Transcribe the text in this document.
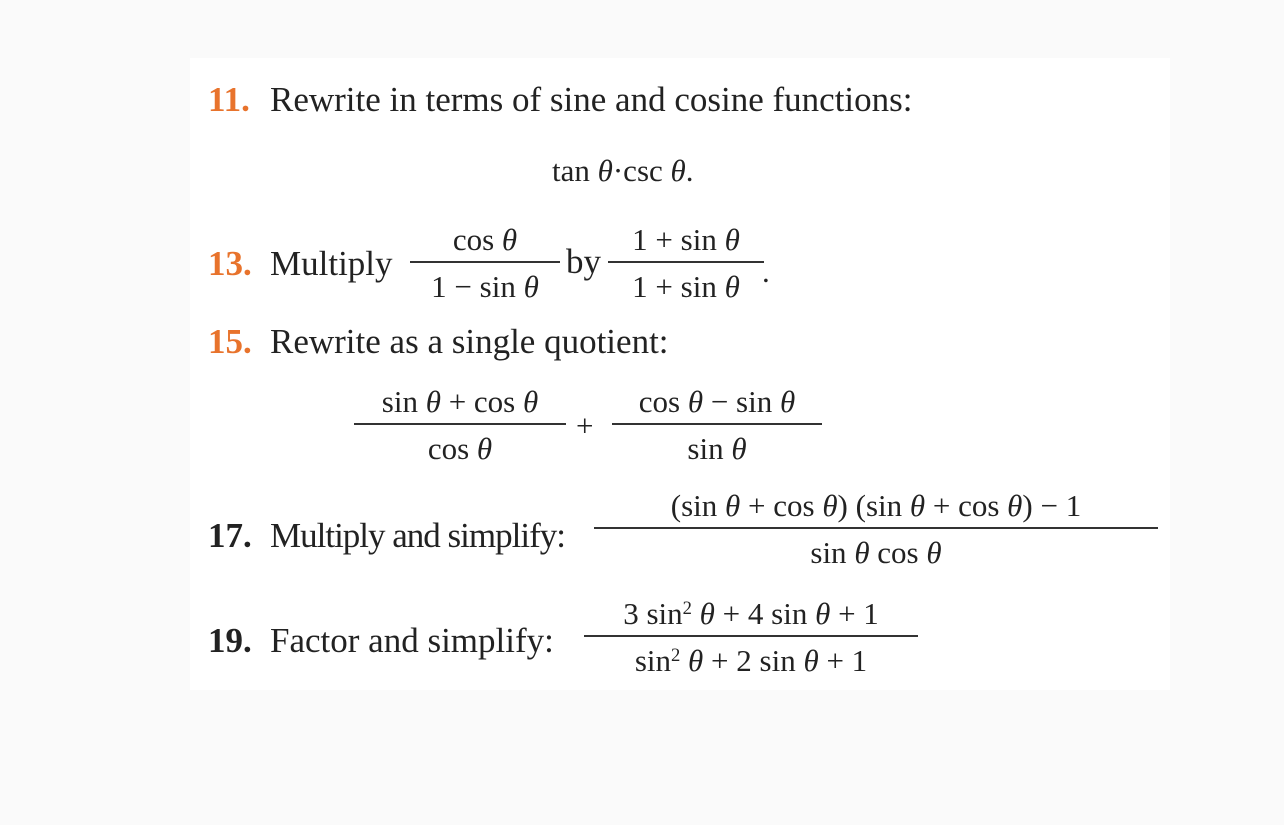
11. Rewrite in terms of sine and cosine functions:
tan θ·csc θ.
13. Multiply
cos θ
1 − sin θ
by
1 + sin θ
1 + sin θ .
15. Rewrite as a single quotient:
sin θ + cos θ
cos θ
+
cos θ − sin θ
sin θ
17. Multiply and simplify:
(sin θ + cos θ) (sin θ + cos θ) − 1
sin θ cos θ
19. Factor and simplify:
3 $\sin^2 \theta + 4$ sin θ + 1
$\sin^2 \theta + 2$ sin θ + 1
